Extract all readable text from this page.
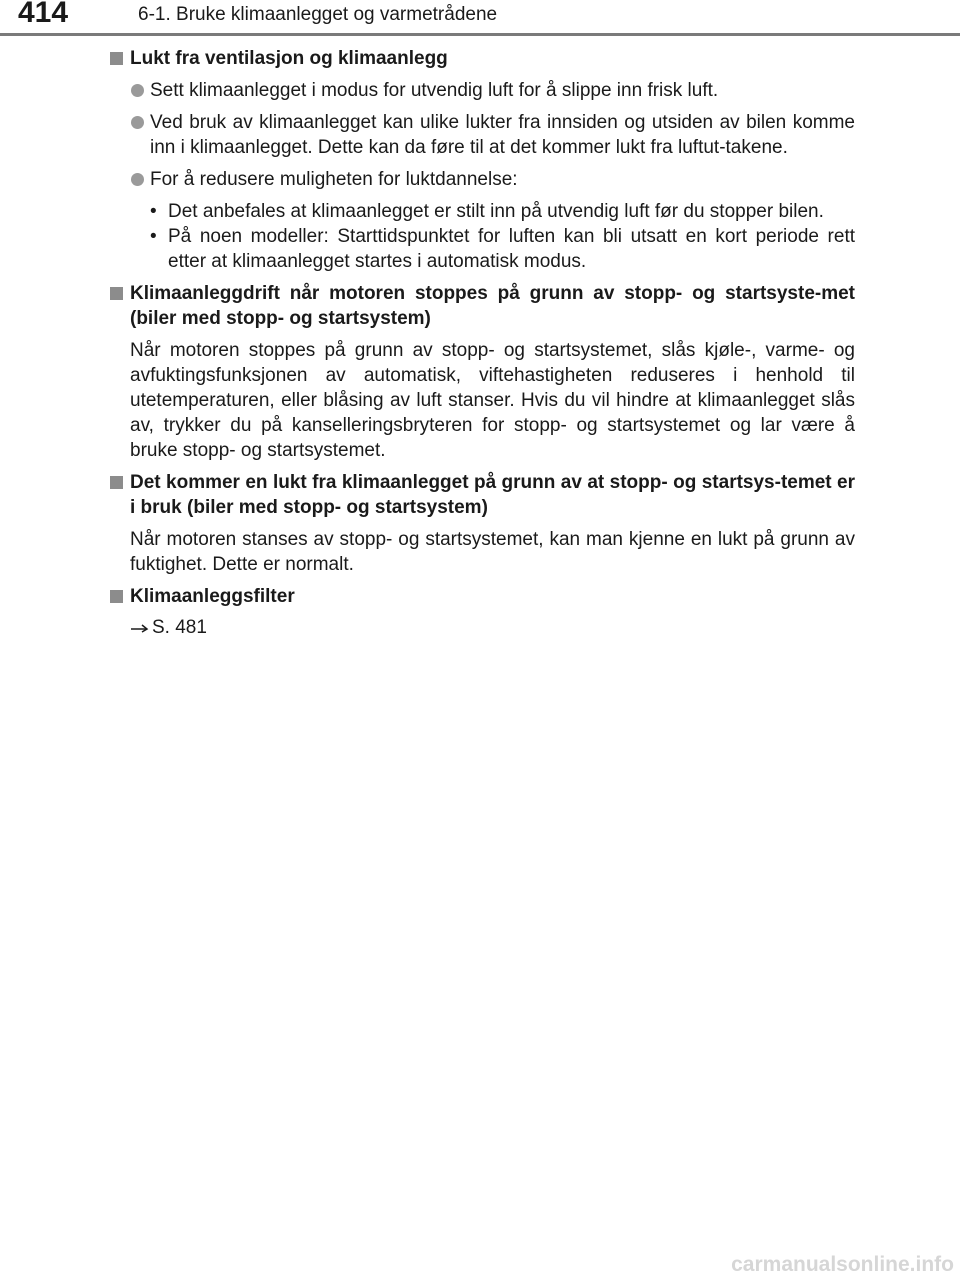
414	6-1. Bruke klimaanlegget og varmetrådene
Lukt fra ventilasjon og klimaanlegg
Sett klimaanlegget i modus for utvendig luft for å slippe inn frisk luft.
Ved bruk av klimaanlegget kan ulike lukter fra innsiden og utsiden av bilen komme inn i klimaanlegget. Dette kan da føre til at det kommer lukt fra luftut-takene.
For å redusere muligheten for luktdannelse:
• Det anbefales at klimaanlegget er stilt inn på utvendig luft før du stopper bilen.
• På noen modeller: Starttidspunktet for luften kan bli utsatt en kort periode rett etter at klimaanlegget startes i automatisk modus.
Klimaanleggdrift når motoren stoppes på grunn av stopp- og startsyste-met (biler med stopp- og startsystem)
Når motoren stoppes på grunn av stopp- og startsystemet, slås kjøle-, varme- og avfuktingsfunksjonen av automatisk, viftehastigheten reduseres i henhold til utetemperaturen, eller blåsing av luft stanser. Hvis du vil hindre at klimaanlegget slås av, trykker du på kanselleringsbryteren for stopp- og startsystemet og lar være å bruke stopp- og startsystemet.
Det kommer en lukt fra klimaanlegget på grunn av at stopp- og startsys-temet er i bruk (biler med stopp- og startsystem)
Når motoren stanses av stopp- og startsystemet, kan man kjenne en lukt på grunn av fuktighet. Dette er normalt.
Klimaanleggsfilter
S. 481
carmanualsonline.info
